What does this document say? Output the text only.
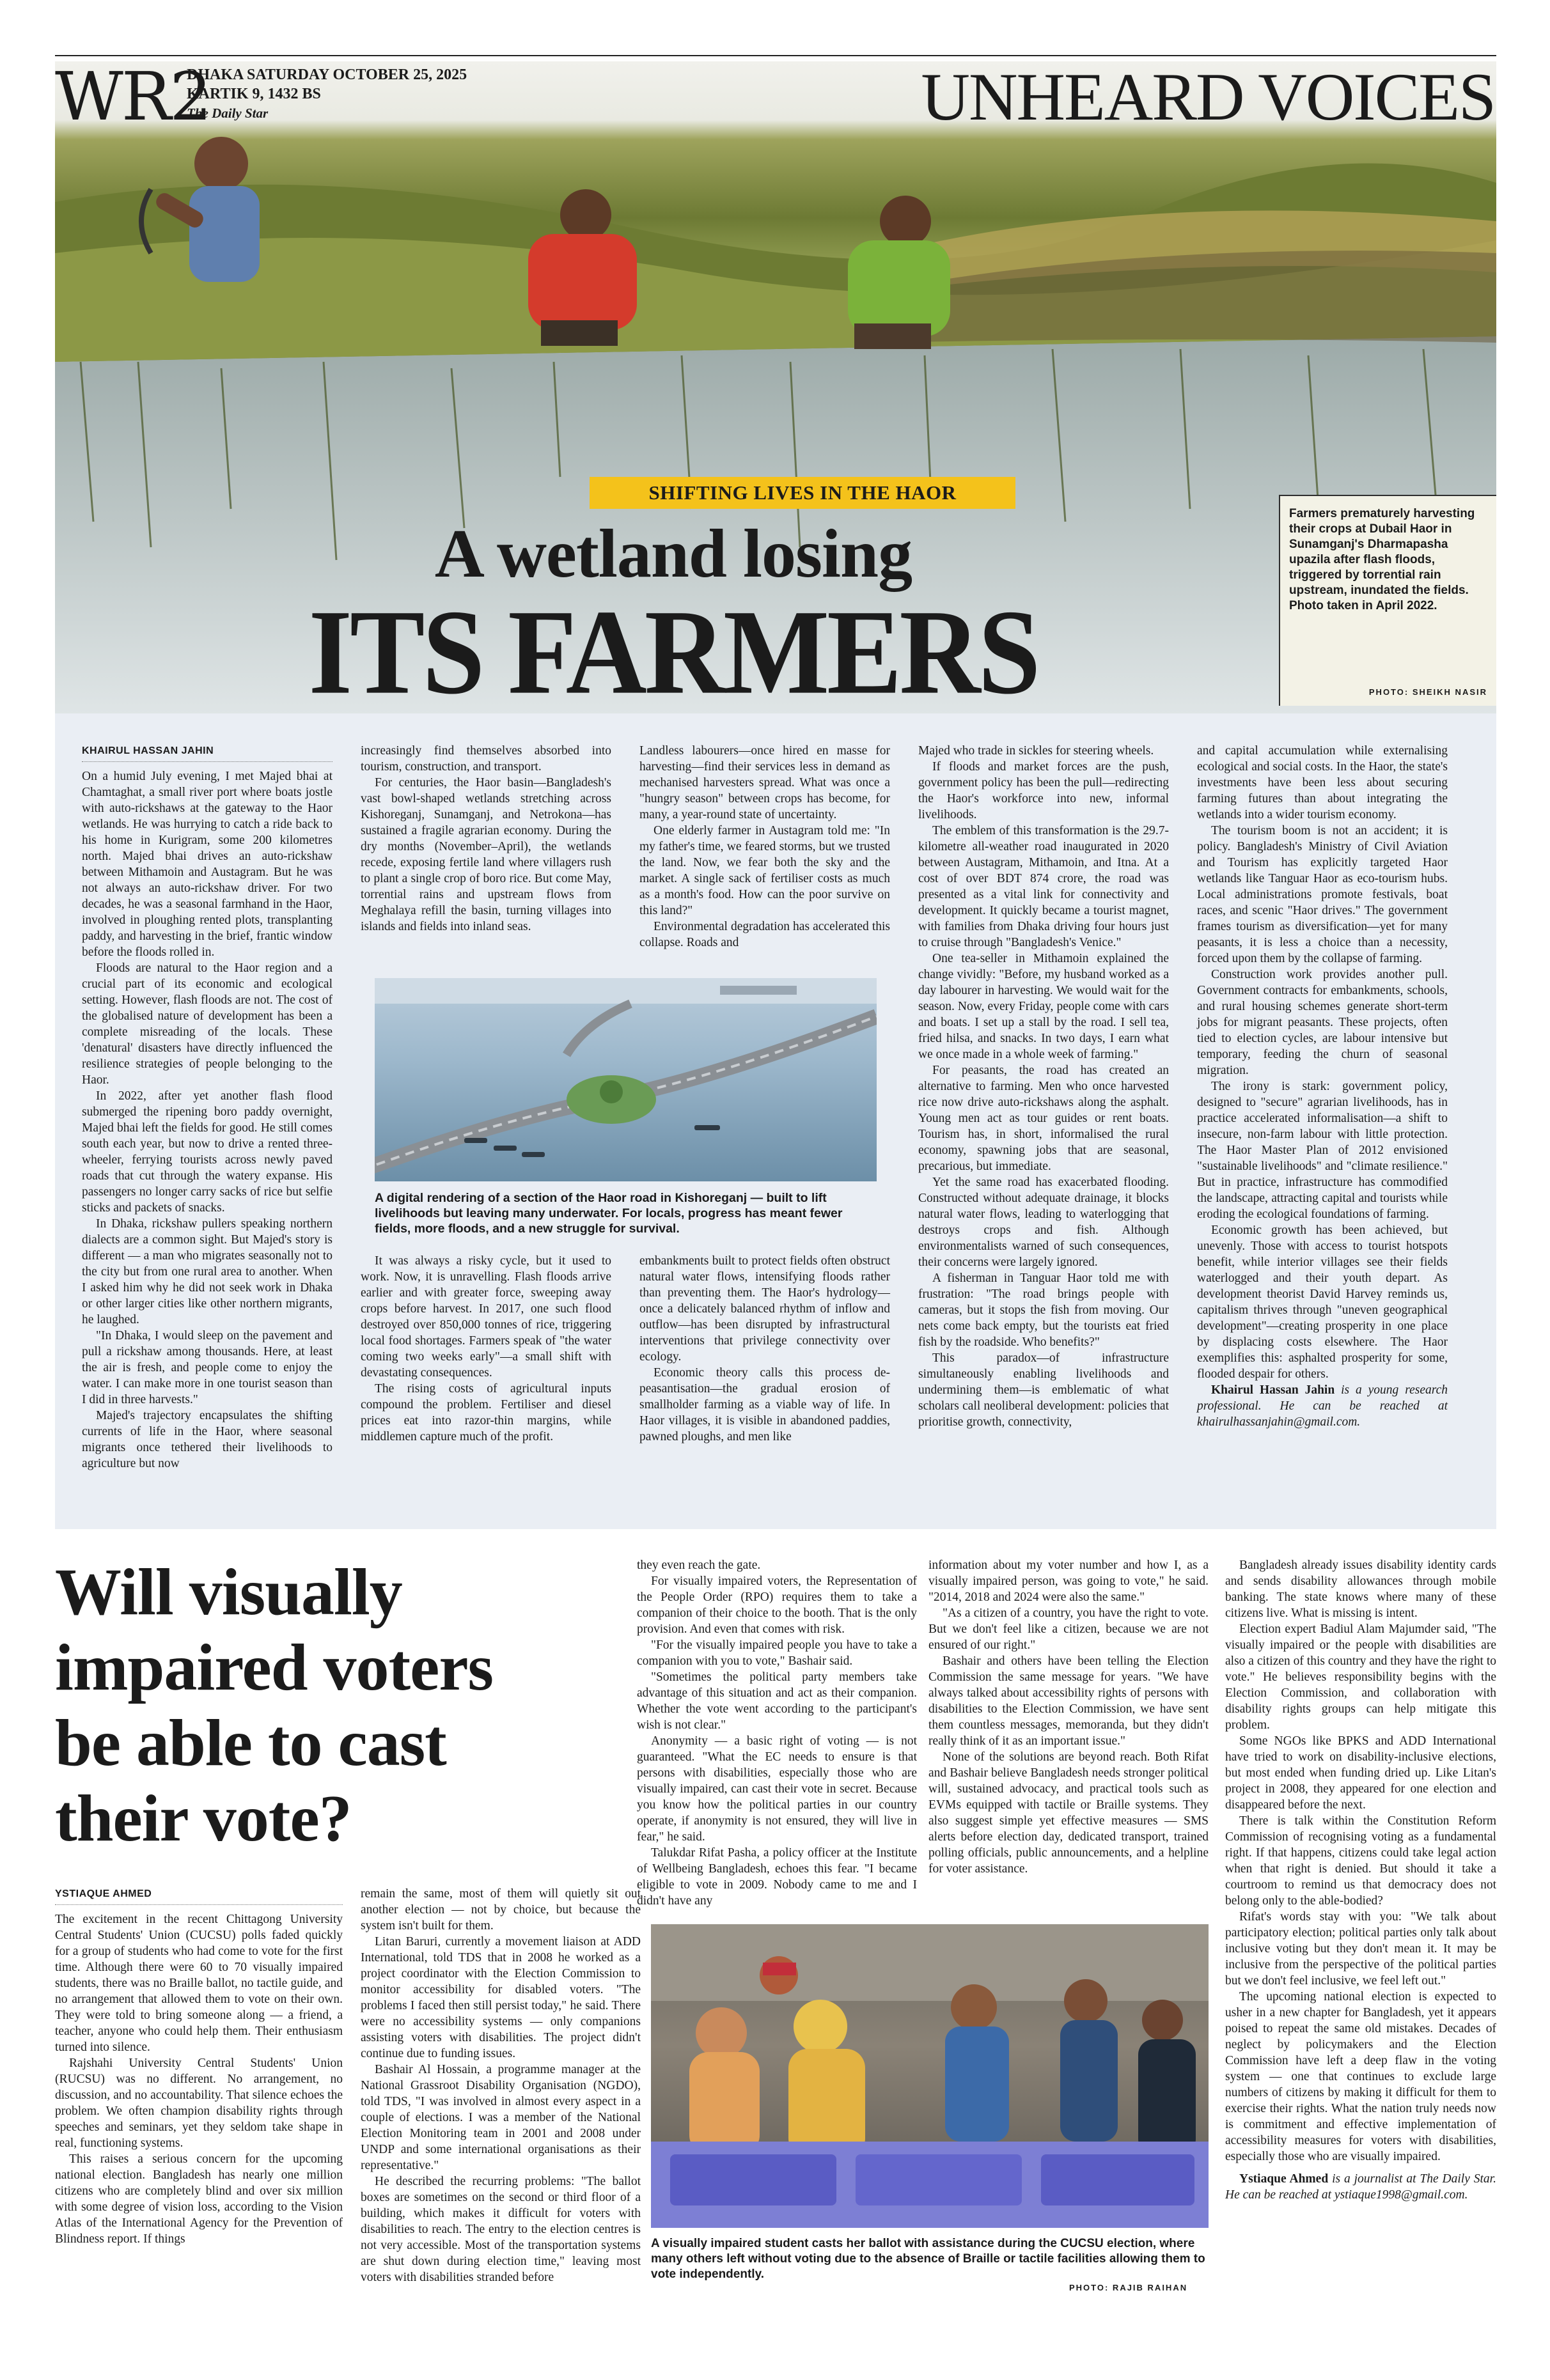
WR2
DHAKA SATURDAY OCTOBER 25, 2025
KARTIK 9, 1432 BS
The Daily Star	UNHEARD VOICES
SHIFTING LIVES IN THE HAOR
A wetland losing
ITS FARMERS
Farmers prematurely harvesting their crops at Dubail Haor in Sunamganj's Dharmapasha upazila after flash floods, triggered by torrential rain upstream, inundated the fields. Photo taken in April 2022.
PHOTO: SHEIKH NASIR
KHAIRUL HASSAN JAHIN

On a humid July evening, I met Majed bhai at Chamtaghat, a small river port where boats jostle with auto-rickshaws at the gateway to the Haor wetlands. He was hurrying to catch a ride back to his home in Kurigram, some 200 kilometres north. Majed bhai drives an auto-rickshaw between Mithamoin and Austagram. But he was not always an auto-rickshaw driver. For two decades, he was a seasonal farmhand in the Haor, involved in ploughing rented plots, transplanting paddy, and harvesting in the brief, frantic window before the floods rolled in.

Floods are natural to the Haor region and a crucial part of its economic and ecological setting. However, flash floods are not. The cost of the globalised nature of development has been a complete misreading of the locals. These 'denatural' disasters have directly influenced the resilience strategies of people belonging to the Haor.

In 2022, after yet another flash flood submerged the ripening boro paddy overnight, Majed bhai left the fields for good. He still comes south each year, but now to drive a rented three-wheeler, ferrying tourists across newly paved roads that cut through the watery expanse. His passengers no longer carry sacks of rice but selfie sticks and packets of snacks.

In Dhaka, rickshaw pullers speaking northern dialects are a common sight. But Majed's story is different — a man who migrates seasonally not to the city but from one rural area to another. When I asked him why he did not seek work in Dhaka or other larger cities like other northern migrants, he laughed.

"In Dhaka, I would sleep on the pavement and pull a rickshaw among thousands. Here, at least the air is fresh, and people come to enjoy the water. I can make more in one tourist season than I did in three harvests."

Majed's trajectory encapsulates the shifting currents of life in the Haor, where seasonal migrants once tethered their livelihoods to agriculture but now

increasingly find themselves absorbed into tourism, construction, and transport.

For centuries, the Haor basin—Bangladesh's vast bowl-shaped wetlands stretching across Kishoreganj, Sunamganj, and Netrokona—has sustained a fragile agrarian economy. During the dry months (November–April), the wetlands recede, exposing fertile land where villagers rush to plant a single crop of boro rice. But come May, torrential rains and upstream flows from Meghalaya refill the basin, turning villages into islands and fields into inland seas.

Landless labourers—once hired en masse for harvesting—find their services less in demand as mechanised harvesters spread. What was once a "hungry season" between crops has become, for many, a year-round state of uncertainty.

One elderly farmer in Austagram told me: "In my father's time, we feared storms, but we trusted the land. Now, we fear both the sky and the market. A single sack of fertiliser costs as much as a month's food. How can the poor survive on this land?"

Environmental degradation has accelerated this collapse. Roads and

A digital rendering of a section of the Haor road in Kishoreganj — built to lift livelihoods but leaving many underwater. For locals, progress has meant fewer fields, more floods, and a new struggle for survival.

It was always a risky cycle, but it used to work. Now, it is unravelling. Flash floods arrive earlier and with greater force, sweeping away crops before harvest. In 2017, one such flood destroyed over 850,000 tonnes of rice, triggering local food shortages. Farmers speak of "the water coming two weeks early"—a small shift with devastating consequences.

The rising costs of agricultural inputs compound the problem. Fertiliser and diesel prices eat into razor-thin margins, while middlemen capture much of the profit.

embankments built to protect fields often obstruct natural water flows, intensifying floods rather than preventing them. The Haor's hydrology—once a delicately balanced rhythm of inflow and outflow—has been disrupted by infrastructural interventions that privilege connectivity over ecology.

Economic theory calls this process de-peasantisation—the gradual erosion of smallholder farming as a viable way of life. In Haor villages, it is visible in abandoned paddies, pawned ploughs, and men like

Majed who trade in sickles for steering wheels.

If floods and market forces are the push, government policy has been the pull—redirecting the Haor's workforce into new, informal livelihoods.

The emblem of this transformation is the 29.7-kilometre all-weather road inaugurated in 2020 between Austagram, Mithamoin, and Itna. At a cost of over BDT 874 crore, the road was presented as a vital link for connectivity and development. It quickly became a tourist magnet, with families from Dhaka driving four hours just to cruise through "Bangladesh's Venice."

One tea-seller in Mithamoin explained the change vividly: "Before, my husband worked as a day labourer in harvesting. We would wait for the season. Now, every Friday, people come with cars and boats. I set up a stall by the road. I sell tea, fried hilsa, and snacks. In two days, I earn what we once made in a whole week of farming."

For peasants, the road has created an alternative to farming. Men who once harvested rice now drive auto-rickshaws along the asphalt. Young men act as tour guides or rent boats. Tourism has, in short, informalised the rural economy, spawning jobs that are seasonal, precarious, but immediate.

Yet the same road has exacerbated flooding. Constructed without adequate drainage, it blocks natural water flows, leading to waterlogging that destroys crops and fish. Although environmentalists warned of such consequences, their concerns were largely ignored.

A fisherman in Tanguar Haor told me with frustration: "The road brings people with cameras, but it stops the fish from moving. Our nets come back empty, but the tourists eat fried fish by the roadside. Who benefits?"

This paradox—of infrastructure simultaneously enabling livelihoods and undermining them—is emblematic of what scholars call neoliberal development: policies that prioritise growth, connectivity,

and capital accumulation while externalising ecological and social costs. In the Haor, the state's investments have been less about securing farming futures than about integrating the wetlands into a wider tourism economy.

The tourism boom is not an accident; it is policy. Bangladesh's Ministry of Civil Aviation and Tourism has explicitly targeted Haor wetlands like Tanguar Haor as eco-tourism hubs. Local administrations promote festivals, boat races, and scenic "Haor drives." The government frames tourism as diversification—yet for many peasants, it is less a choice than a necessity, forced upon them by the collapse of farming.

Construction work provides another pull. Government contracts for embankments, schools, and rural housing schemes generate short-term jobs for migrant peasants. These projects, often tied to election cycles, are labour intensive but temporary, feeding the churn of seasonal migration.

The irony is stark: government policy, designed to "secure" agrarian livelihoods, has in practice accelerated informalisation—a shift to insecure, non-farm labour with little protection. The Haor Master Plan of 2012 envisioned "sustainable livelihoods" and "climate resilience." But in practice, infrastructure has commodified the landscape, attracting capital and tourists while eroding the ecological foundations of farming.

Economic growth has been achieved, but unevenly. Those with access to tourist hotspots benefit, while interior villages see their fields waterlogged and their youth depart. As development theorist David Harvey reminds us, capitalism thrives through "uneven geographical development"—creating prosperity in one place by displacing costs elsewhere. The Haor exemplifies this: asphalted prosperity for some, flooded despair for others.

Khairul Hassan Jahin is a young research professional. He can be reached at khairulhassanjahin@gmail.com.

Will visually
impaired voters
be able to cast
their vote?
YSTIAQUE AHMED

The excitement in the recent Chittagong University Central Students' Union (CUCSU) polls faded quickly for a group of students who had come to vote for the first time. Although there were 60 to 70 visually impaired students, there was no Braille ballot, no tactile guide, and no arrangement that allowed them to vote on their own. They were told to bring someone along — a friend, a teacher, anyone who could help them. Their enthusiasm turned into silence.

Rajshahi University Central Students' Union (RUCSU) was no different. No arrangement, no discussion, and no accountability. That silence echoes the problem. We often champion disability rights through speeches and seminars, yet they seldom take shape in real, functioning systems.

This raises a serious concern for the upcoming national election. Bangladesh has nearly one million citizens who are completely blind and over six million with some degree of vision loss, according to the Vision Atlas of the International Agency for the Prevention of Blindness report. If things

remain the same, most of them will quietly sit out another election — not by choice, but because the system isn't built for them.

Litan Baruri, currently a movement liaison at ADD International, told TDS that in 2008 he worked as a project coordinator with the Election Commission to monitor accessibility for disabled voters. "The problems I faced then still persist today," he said. There were no accessibility systems — only companions assisting voters with disabilities. The project didn't continue due to funding issues.

Bashair Al Hossain, a programme manager at the National Grassroot Disability Organisation (NGDO), told TDS, "I was involved in almost every aspect in a couple of elections. I was a member of the National Election Monitoring team in 2001 and 2008 under UNDP and some international organisations as their representative."

He described the recurring problems: "The ballot boxes are sometimes on the second or third floor of a building, which makes it difficult for voters with disabilities to reach. The entry to the election centres is not very accessible. Most of the transportation systems are shut down during election time," leaving most voters with disabilities stranded before

they even reach the gate.

For visually impaired voters, the Representation of the People Order (RPO) requires them to take a companion of their choice to the booth. That is the only provision. And even that comes with risk.

"For the visually impaired people you have to take a companion with you to vote," Bashair said.

"Sometimes the political party members take advantage of this situation and act as their companion. Whether the vote went according to the participant's wish is not clear."

Anonymity — a basic right of voting — is not guaranteed. "What the EC needs to ensure is that persons with disabilities, especially those who are visually impaired, can cast their vote in secret. Because you know how the political parties in our country operate, if anonymity is not ensured, they will live in fear," he said.

Talukdar Rifat Pasha, a policy officer at the Institute of Wellbeing Bangladesh, echoes this fear. "I became eligible to vote in 2009. Nobody came to me and I didn't have any

information about my voter number and how I, as a visually impaired person, was going to vote," he said. "2014, 2018 and 2024 were also the same."

"As a citizen of a country, you have the right to vote. But we don't feel like a citizen, because we are not ensured of our right."

Bashair and others have been telling the Election Commission the same message for years. "We have always talked about accessibility rights of persons with disabilities to the Election Commission, we have sent them countless messages, memoranda, but they didn't really think of it as an important issue."

None of the solutions are beyond reach. Both Rifat and Bashair believe Bangladesh needs stronger political will, sustained advocacy, and practical tools such as EVMs equipped with tactile or Braille systems. They also suggest simple yet effective measures — SMS alerts before election day, dedicated transport, trained polling officials, public announcements, and a helpline for voter assistance.

A visually impaired student casts her ballot with assistance during the CUCSU election, where many others left without voting due to the absence of Braille or tactile facilities allowing them to vote independently.
PHOTO: RAJIB RAIHAN

Bangladesh already issues disability identity cards and sends disability allowances through mobile banking. The state knows where many of these citizens live. What is missing is intent.

Election expert Badiul Alam Majumder said, "The visually impaired or the people with disabilities are also a citizen of this country and they have the right to vote." He believes responsibility begins with the Election Commission, and collaboration with disability rights groups can help mitigate this problem.

Some NGOs like BPKS and ADD International have tried to work on disability-inclusive elections, but most ended when funding dried up. Like Litan's project in 2008, they appeared for one election and disappeared before the next.

There is talk within the Constitution Reform Commission of recognising voting as a fundamental right. If that happens, citizens could take legal action when that right is denied. But should it take a courtroom to remind us that democracy does not belong only to the able-bodied?

Rifat's words stay with you: "We talk about participatory election; political parties only talk about inclusive voting but they don't mean it. It may be inclusive from the perspective of the political parties but we don't feel inclusive, we feel left out."

The upcoming national election is expected to usher in a new chapter for Bangladesh, yet it appears poised to repeat the same old mistakes. Decades of neglect by policymakers and the Election Commission have left a deep flaw in the voting system — one that continues to exclude large numbers of citizens by making it difficult for them to exercise their rights. What the nation truly needs now is commitment and effective implementation of accessibility measures for voters with disabilities, especially those who are visually impaired.

Ystiaque Ahmed is a journalist at The Daily Star. He can be reached at ystiaque1998@gmail.com.
